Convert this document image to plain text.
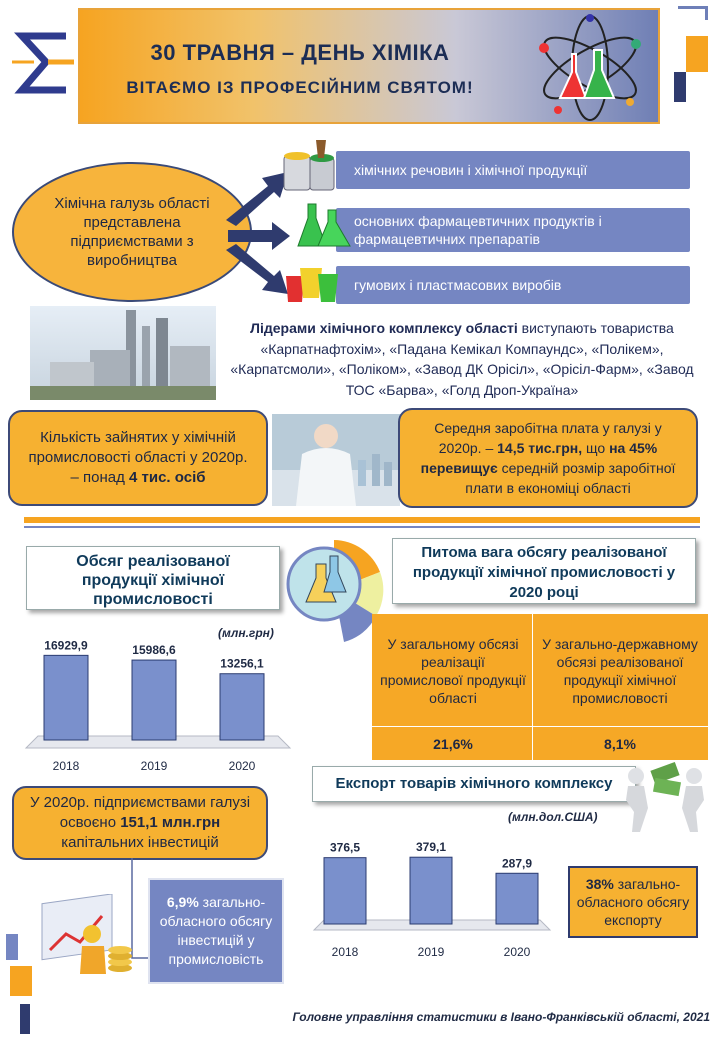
30 ТРАВНЯ – ДЕНЬ ХІМІКА
ВІТАЄМО ІЗ ПРОФЕСІЙНИМ СВЯТОМ!
Хімічна галузь області представлена підприємствами з виробництва
хімічних речовин і хімічної продукції
основних фармацевтичних продуктів і фармацевтичних препаратів
гумових і пластмасових виробів
Лідерами хімічного комплексу області виступають товариства «Карпатнафтохім», «Падана Кемікал Компаундс», «Полікем», «Карпатсмоли», «Поліком», «Завод ДК Орісіл», «Орісіл-Фарм», «Завод ТОС «Барва», «Голд Дроп-Україна»
Кількість зайнятих у хімічній промисловості області у 2020р. – понад 4 тис. осіб
Середня заробітна плата у галузі у 2020р. – 14,5 тис.грн, що на 45% перевищує середній розмір заробітної плати в економіці області
Обсяг реалізованої продукції хімічної промисловості
(млн.грн)
16929,9
2018
15986,6
2019
13256,1
2020
Питома вага обсягу реалізованої продукції хімічної промисловості у 2020 році
У загальному обсязі реалізації промислової продукції області
У загально-державному обсязі реалізованої продукції хімічної промисловості
21,6%	8,1%
Експорт товарів хімічного комплексу
(млн.дол.США)
376,5
2018
379,1
2019
287,9
2020
У 2020р. підприємствами галузі освоєно 151,1 млн.грн капітальних інвестицій
6,9% загально-обласного обсягу інвестицій у промисловість
38% загально-обласного обсягу експорту
Головне управління статистики в Івано-Франківській області, 2021
